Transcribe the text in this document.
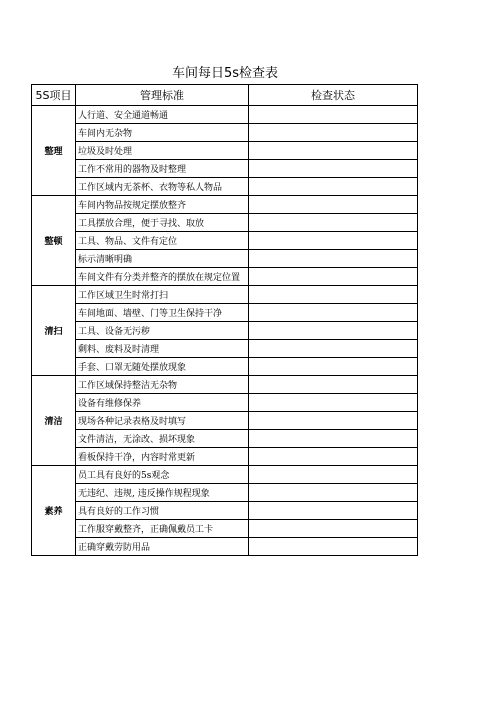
车间每日5s检查表
5S项目	管理标准	检查状态
整理	人行道、安全通道畅通	
	车间内无杂物	
	垃圾及时处理	
	工作不常用的器物及时整理	
	工作区域内无茶杯、衣物等私人物品	
整顿	车间内物品按规定摆放整齐	
	工具摆放合理，便于寻找、取放	
	工具、物品、文件有定位	
	标示清晰明确	
	车间文件有分类并整齐的摆放在规定位置	
清扫	工作区域卫生时常打扫	
	车间地面、墙壁、门等卫生保持干净	
	工具、设备无污秽	
	剩料、废料及时清理	
	手套、口罩无随处摆放现象	
清洁	工作区域保持整洁无杂物	
	设备有维修保养	
	现场各种记录表格及时填写	
	文件清洁，无涂改、损坏现象	
	看板保持干净，内容时常更新	
素养	员工具有良好的5s观念	
	无违纪、违规, 违反操作规程现象	
	具有良好的工作习惯	
	工作服穿戴整齐，正确佩戴员工卡	
	正确穿戴劳防用品	
